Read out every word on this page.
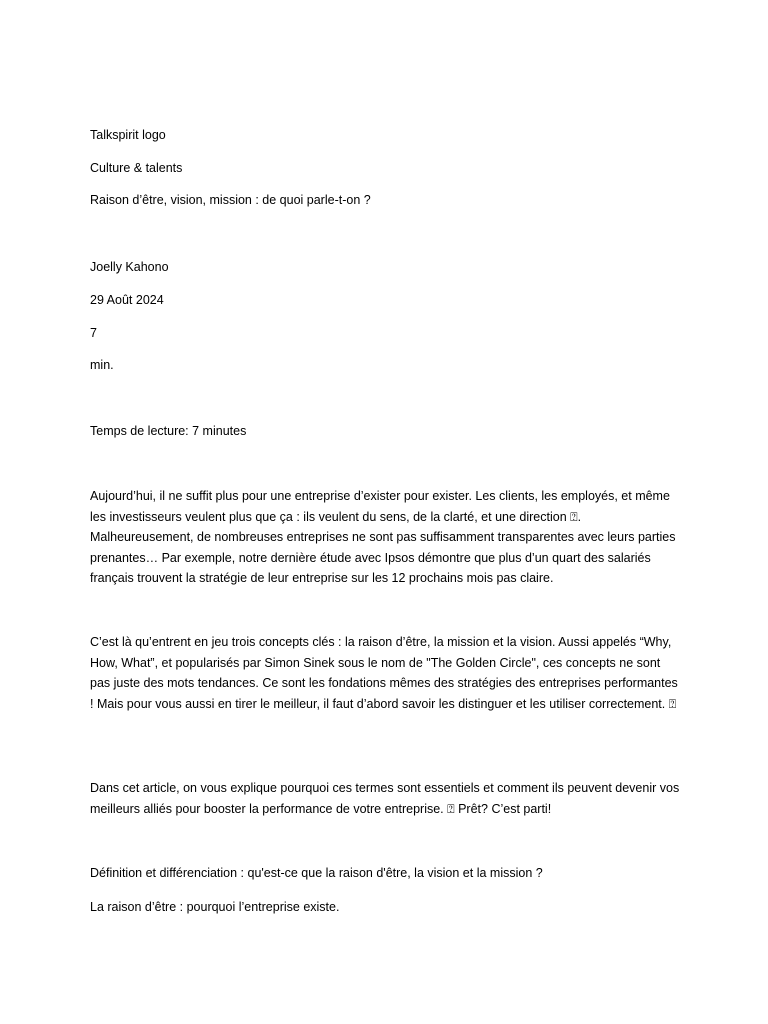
Talkspirit logo
Culture & talents
Raison d’être, vision, mission : de quoi parle-t-on ?
Joelly Kahono
29 Août 2024
7
min.
Temps de lecture: 7 minutes

Aujourd’hui, il ne suffit plus pour une entreprise d’exister pour exister. Les clients, les employés, et même les investisseurs veulent plus que ça : ils veulent du sens, de la clarté, et une direction ⍰. Malheureusement, de nombreuses entreprises ne sont pas suffisamment transparentes avec leurs parties prenantes… Par exemple, notre dernière étude avec Ipsos démontre que plus d’un quart des salariés français trouvent la stratégie de leur entreprise sur les 12 prochains mois pas claire.

C’est là qu’entrent en jeu trois concepts clés : la raison d’être, la mission et la vision. Aussi appelés “Why, How, What”, et popularisés par Simon Sinek sous le nom de "The Golden Circle", ces concepts ne sont pas juste des mots tendances. Ce sont les fondations mêmes des stratégies des entreprises performantes ! Mais pour vous aussi en tirer le meilleur, il faut d’abord savoir les distinguer et les utiliser correctement. ⍰

Dans cet article, on vous explique pourquoi ces termes sont essentiels et comment ils peuvent devenir vos meilleurs alliés pour booster la performance de votre entreprise. ⍰ Prêt? C’est parti!

Définition et différenciation : qu'est-ce que la raison d'être, la vision et la mission ?
La raison d’être : pourquoi l’entreprise existe.
